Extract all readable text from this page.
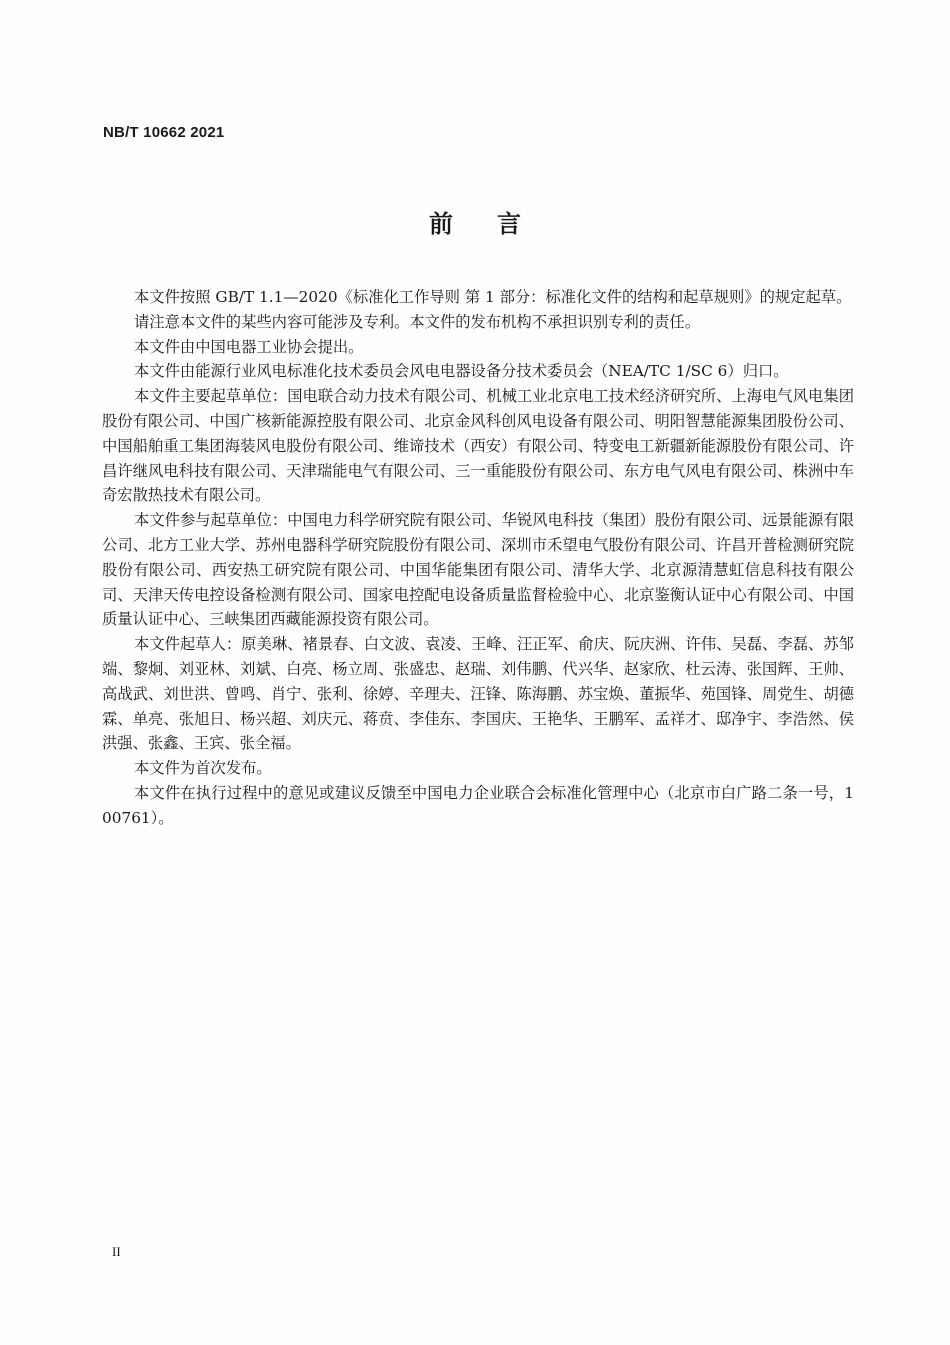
NB/T 10662 2021
前言

本文件按照 GB/T 1.1—2020《标准化工作导则 第 1 部分：标准化文件的结构和起草规则》的规定起草。

请注意本文件的某些内容可能涉及专利。本文件的发布机构不承担识别专利的责任。

本文件由中国电器工业协会提出。

本文件由能源行业风电标准化技术委员会风电电器设备分技术委员会（NEA/TC 1/SC 6）归口。

本文件主要起草单位：国电联合动力技术有限公司、机械工业北京电工技术经济研究所、上海电气风电集团股份有限公司、中国广核新能源控股有限公司、北京金风科创风电设备有限公司、明阳智慧能源集团股份公司、中国船舶重工集团海装风电股份有限公司、维谛技术（西安）有限公司、特变电工新疆新能源股份有限公司、许昌许继风电科技有限公司、天津瑞能电气有限公司、三一重能股份有限公司、东方电气风电有限公司、株洲中车奇宏散热技术有限公司。

本文件参与起草单位：中国电力科学研究院有限公司、华锐风电科技（集团）股份有限公司、远景能源有限公司、北方工业大学、苏州电器科学研究院股份有限公司、深圳市禾望电气股份有限公司、许昌开普检测研究院股份有限公司、西安热工研究院有限公司、中国华能集团有限公司、清华大学、北京源清慧虹信息科技有限公司、天津天传电控设备检测有限公司、国家电控配电设备质量监督检验中心、北京鉴衡认证中心有限公司、中国质量认证中心、三峡集团西藏能源投资有限公司。

本文件起草人：原美琳、褚景春、白文波、袁凌、王峰、汪正军、俞庆、阮庆洲、许伟、吴磊、李磊、苏邹端、黎炯、刘亚林、刘斌、白亮、杨立周、张盛忠、赵瑞、刘伟鹏、代兴华、赵家欣、杜云涛、张国辉、王帅、高战武、刘世洪、曾鸣、肖宁、张利、徐婷、辛理夫、汪锋、陈海鹏、苏宝焕、董振华、苑国锋、周党生、胡德霖、单亮、张旭日、杨兴超、刘庆元、蒋贲、李佳东、李国庆、王艳华、王鹏军、孟祥才、邸净宇、李浩然、侯洪强、张鑫、王宾、张全福。

本文件为首次发布。

本文件在执行过程中的意见或建议反馈至中国电力企业联合会标准化管理中心（北京市白广路二条一号，100761）。

II
